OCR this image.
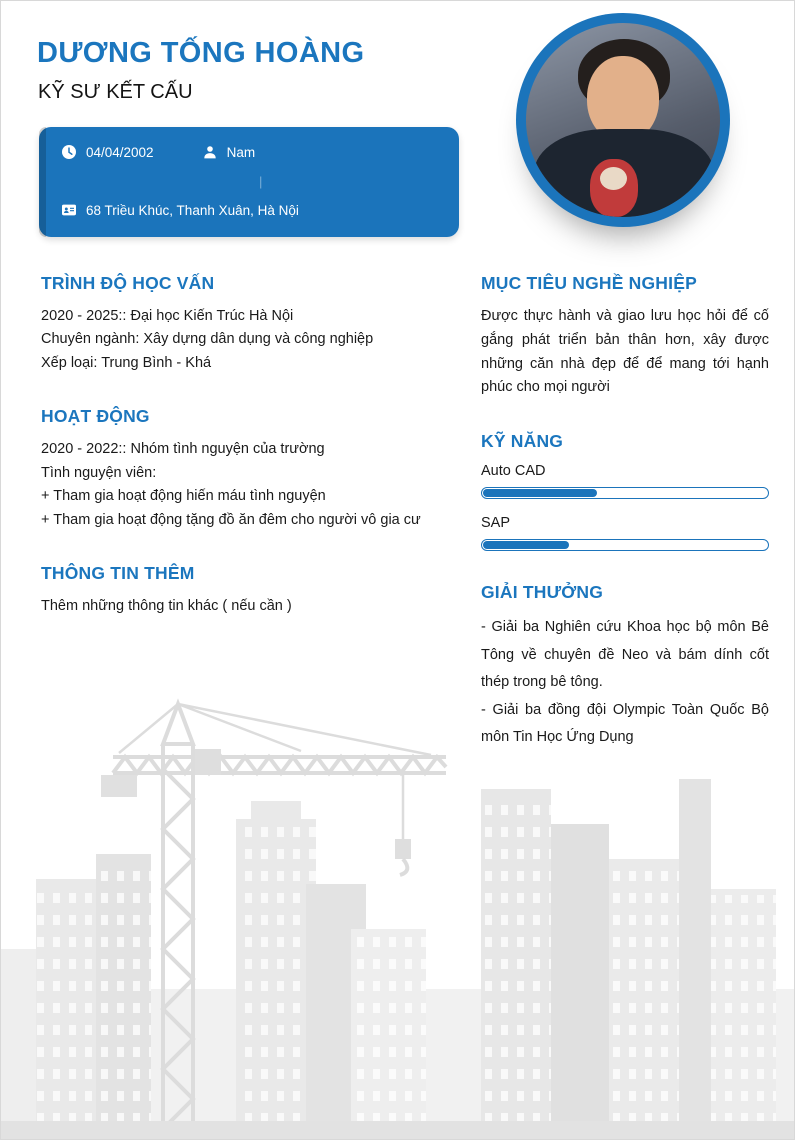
DƯƠNG TỐNG HOÀNG
KỸ SƯ KẾT CẤU
04/04/2002	Nam
|
68 Triều Khúc, Thanh Xuân, Hà Nội
TRÌNH ĐỘ HỌC VẤN
2020 - 2025:: Đại học Kiến Trúc Hà Nội
Chuyên ngành: Xây dựng dân dụng và công nghiệp
Xếp loại: Trung Bình - Khá
HOẠT ĐỘNG
2020 - 2022:: Nhóm tình nguyện của trường
Tình nguyện viên:
+ Tham gia hoạt động hiến máu tình nguyện
+ Tham gia hoạt động tặng đồ ăn đêm cho người vô gia cư
THÔNG TIN THÊM
Thêm những thông tin khác ( nếu cần )
MỤC TIÊU NGHỀ NGHIỆP
Được thực hành và giao lưu học hỏi để cố gắng phát triển bản thân hơn, xây được những căn nhà đẹp để để mang tới hạnh phúc cho mọi người
KỸ NĂNG
Auto CAD
SAP
GIẢI THƯỞNG
- Giải ba Nghiên cứu Khoa học bộ môn Bê Tông về chuyên đề Neo và bám dính cốt thép trong bê tông.
- Giải ba đồng đội Olympic Toàn Quốc Bộ môn Tin Học Ứng Dụng
